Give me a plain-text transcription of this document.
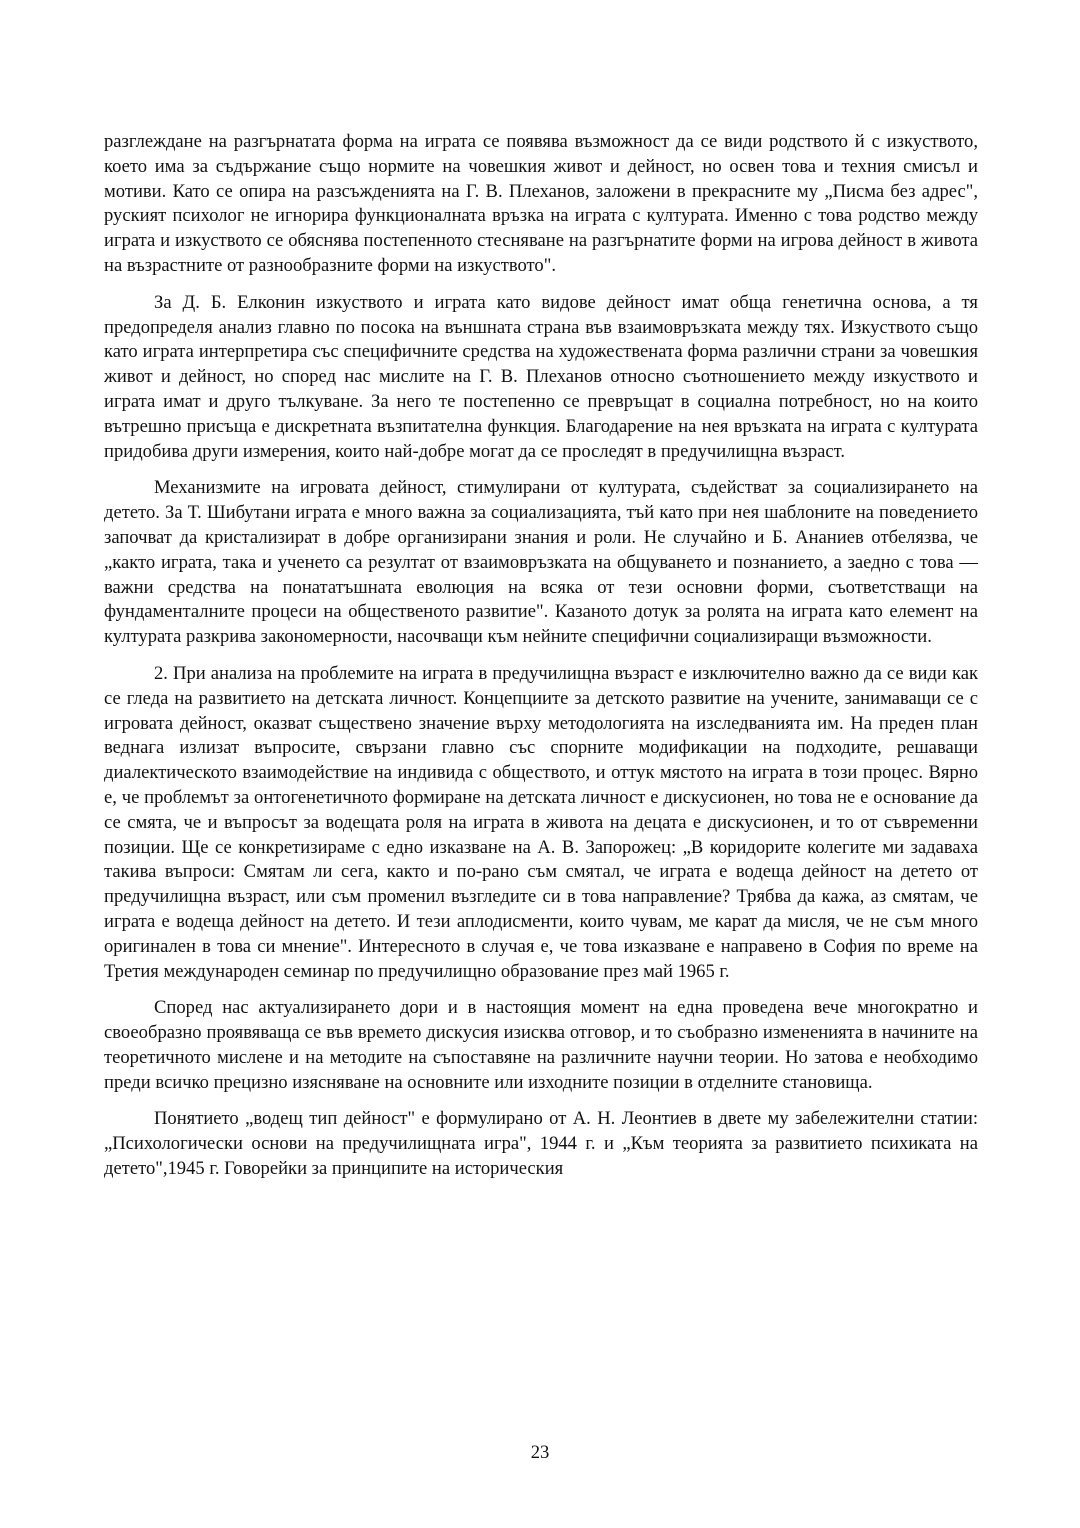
разглеждане на разгърнатата форма на играта се появява възможност да се види родството й с изкуството, което има за съдържание също нормите на човешкия живот и дейност, но освен това и техния смисъл и мотиви. Като се опира на разсъжденията на Г. В. Плеханов, заложени в прекрасните му „Писма без адрес", руският психолог не игнорира функционалната връзка на играта с културата. Именно с това родство между играта и изкуството се обяснява постепенното стесняване на разгърнатите форми на игрова дейност в живота на възрастните от разнообразните форми на изкуството".

За Д. Б. Елконин изкуството и играта като видове дейност имат обща генетична основа, а тя предопределя анализ главно по посока на външната страна във взаимовръзката между тях. Изкуството също като играта интерпретира със специфичните средства на художествената форма различни страни за човешкия живот и дейност, но според нас мислите на Г. В. Плеханов относно съотношението между изкуството и играта имат и друго тълкуване. За него те постепенно се превръщат в социална потребност, но на които вътрешно присъща е дискретната възпитателна функция. Благодарение на нея връзката на играта с културата придобива други измерения, които най-добре могат да се проследят в предучилищна възраст.

Механизмите на игровата дейност, стимулирани от културата, съдействат за социализирането на детето. За Т. Шибутани играта е много важна за социализацията, тъй като при нея шаблоните на поведението започват да кристализират в добре организирани знания и роли. Не случайно и Б. Ананиев отбелязва, че „както играта, така и ученето са резултат от взаимовръзката на общуването и познанието, а заедно с това — важни средства на понататъшната еволюция на всяка от тези основни форми, съответстващи на фундаменталните процеси на общественото развитие". Казаното дотук за ролята на играта като елемент на културата разкрива закономерности, насочващи към нейните специфични социализиращи възможности.

2. При анализа на проблемите на играта в предучилищна възраст е изключително важно да се види как се гледа на развитието на детската личност. Концепциите за детското развитие на учените, занимаващи се с игровата дейност, оказват съществено значение върху методологията на изследванията им. На преден план веднага излизат въпросите, свързани главно със спорните модификации на подходите, решаващи диалектическото взаимодействие на индивида с обществото, и оттук мястото на играта в този процес. Вярно е, че проблемът за онтогенетичното формиране на детската личност е дискусионен, но това не е основание да се смята, че и въпросът за водещата роля на играта в живота на децата е дискусионен, и то от съвременни позиции. Ще се конкретизираме с едно изказване на А. В. Запорожец: „В коридорите колегите ми задаваха такива въпроси: Смятам ли сега, както и по-рано съм смятал, че играта е водеща дейност на детето от предучилищна възраст, или съм променил възгледите си в това направление? Трябва да кажа, аз смятам, че играта е водеща дейност на детето. И тези аплодисменти, които чувам, ме карат да мисля, че не съм много оригинален в това си мнение". Интересното в случая е, че това изказване е направено в София по време на Третия международен семинар по предучилищно образование през май 1965 г.

Според нас актуализирането дори и в настоящия момент на една проведена вече многократно и своеобразно проявяваща се във времето дискусия изисква отговор, и то съобразно измененията в начините на теоретичното мислене и на методите на съпоставяне на различните научни теории. Но затова е необходимо преди всичко прецизно изясняване на основните или изходните позиции в отделните становища.

Понятието „водещ тип дейност" е формулирано от А. Н. Леонтиев в двете му забележителни статии: „Психологически основи на предучилищната игра", 1944 г. и „Към теорията за развитието психиката на детето",1945 г. Говорейки за принципите на историческия

23
